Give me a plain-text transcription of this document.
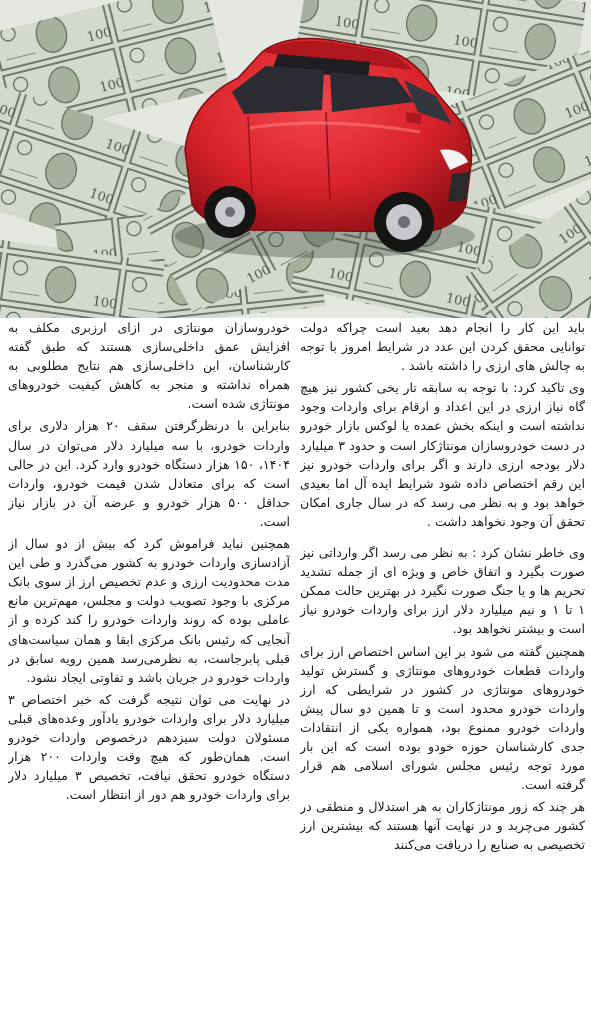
باید این کار را انجام دهد بعید است چراکه دولت توانایی محقق کردن این عدد در شرایط امروز با توجه به چالش های ارزی را داشته باشد .

وی تاکید کرد: با توجه به سابقه تار یخی کشور نیز هیچ گاه نیاز ارزی در این اعداد و ارقام برای واردات وجود نداشته است و اینکه بخش عمده یا لوکس بازار خودرو در دست خودروسازان مونتاژکار است و حدود ۳ میلیارد دلار بودجه ارزی دارند و اگر برای واردات خودرو نیز این رقم اختصاص داده شود شرایط ایده آل اما بعیدی خواهد بود و به نظر می رسد که در سال جاری امکان تحقق آن وجود نخواهد داشت .

وی خاطر نشان کرد : به نظر می رسد اگر وارداتی نیز صورت بگیرد و اتفاق خاص و ویژه ای از جمله تشدید تحریم ها و یا جنگ صورت نگیرد در بهترین حالت ممکن ۱ تا ۱ و نیم میلیارد دلار ارز برای واردات خودرو نیاز است و بیشتر نخواهد بود.

همچنین گفته می شود بر این اساس اختصاص ارز برای واردات قطعات خودروهای مونتاژی و گسترش تولید خودروهای مونتاژی در کشور در شرایطی که ارز واردات خودرو محدود است و تا همین دو سال پیش واردات خودرو ممنوع بود، همواره یکی از انتقادات جدی کارشناسان حوزه خودو بوده است که این بار مورد توجه رئیس مجلس شورای اسلامی هم قرار گرفته است.

هر چند که زور مونتاژکاران به هر استدلال و منطقی در کشور می‌چربد و در نهایت آنها هستند که بیشترین ارز تخصیصی به صنایع را دریافت می‌کنند

خودروسازان مونتاژی در ازای ارزبری مکلف به افزایش عمق داخلی‌سازی هستند که طبق گفته کارشناسان، این داخلی‌سازی هم نتایج مطلوبی به همراه نداشته و منجر به کاهش کیفیت خودروهای مونتاژی شده است.

بنابراین با درنظرگرفتن سقف ۲۰ هزار دلاری برای واردات خودرو، با سه میلیارد دلار می‌توان در سال ۱۴۰۴، ۱۵۰ هزار دستگاه خودرو وارد کرد. این در حالی است که برای متعادل شدن قیمت خودرو، واردات حداقل ۵۰۰ هزار خودرو و عرضه آن در بازار نیاز است.

همچنین نباید فراموش کرد که بیش از دو سال از آزادسازی واردات خودرو به کشور می‌گذرد و طی این مدت محدودیت ارزی و عدم تخصیص ارز از سوی بانک مرکزی با وجود تصویب دولت و مجلس، مهم‌ترین مانع عاملی بوده که روند واردات خودرو را کند کرده و از آنجایی که رئیس بانک مرکزی ابقا و همان سیاست‌های قبلی پابرجاست، به نظرمی‌رسد همین رویه سابق در واردات خودرو در جریان باشد و تفاوتی ایجاد نشود.

در نهایت می توان نتیجه گرفت که خبر اختصاص ۳ میلیارد دلار برای واردات خودرو یادآور وعده‌های قبلی مسئولان دولت سیزدهم درخصوص واردات خودرو است. همان‌طور که هیچ وقت واردات ۲۰۰ هزار دستگاه خودرو تحقق نیافت، تخصیص ۳ میلیارد دلار برای واردات خودرو هم دور از انتظار است.
